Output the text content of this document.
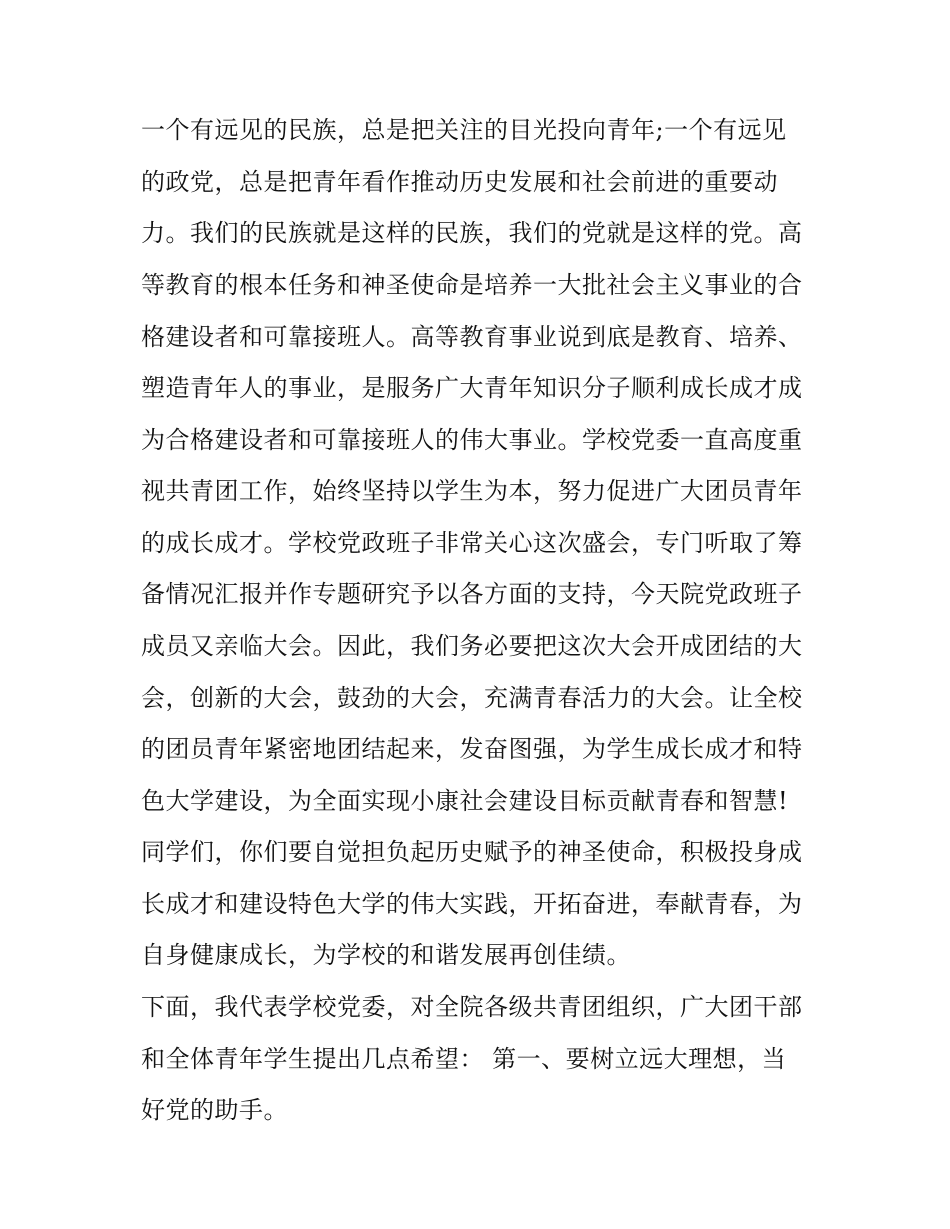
一个有远见的民族，总是把关注的目光投向青年;一个有远见
的政党，总是把青年看作推动历史发展和社会前进的重要动
力。我们的民族就是这样的民族，我们的党就是这样的党。高
等教育的根本任务和神圣使命是培养一大批社会主义事业的合
格建设者和可靠接班人。高等教育事业说到底是教育、培养、
塑造青年人的事业，是服务广大青年知识分子顺利成长成才成
为合格建设者和可靠接班人的伟大事业。学校党委一直高度重
视共青团工作，始终坚持以学生为本，努力促进广大团员青年
的成长成才。学校党政班子非常关心这次盛会，专门听取了筹
备情况汇报并作专题研究予以各方面的支持，今天院党政班子
成员又亲临大会。因此，我们务必要把这次大会开成团结的大
会，创新的大会，鼓劲的大会，充满青春活力的大会。让全校
的团员青年紧密地团结起来，发奋图强，为学生成长成才和特
色大学建设，为全面实现小康社会建设目标贡献青春和智慧!
同学们，你们要自觉担负起历史赋予的神圣使命，积极投身成
长成才和建设特色大学的伟大实践，开拓奋进，奉献青春，为
自身健康成长，为学校的和谐发展再创佳绩。
下面，我代表学校党委，对全院各级共青团组织，广大团干部
和全体青年学生提出几点希望： 第一、要树立远大理想，当
好党的助手。
